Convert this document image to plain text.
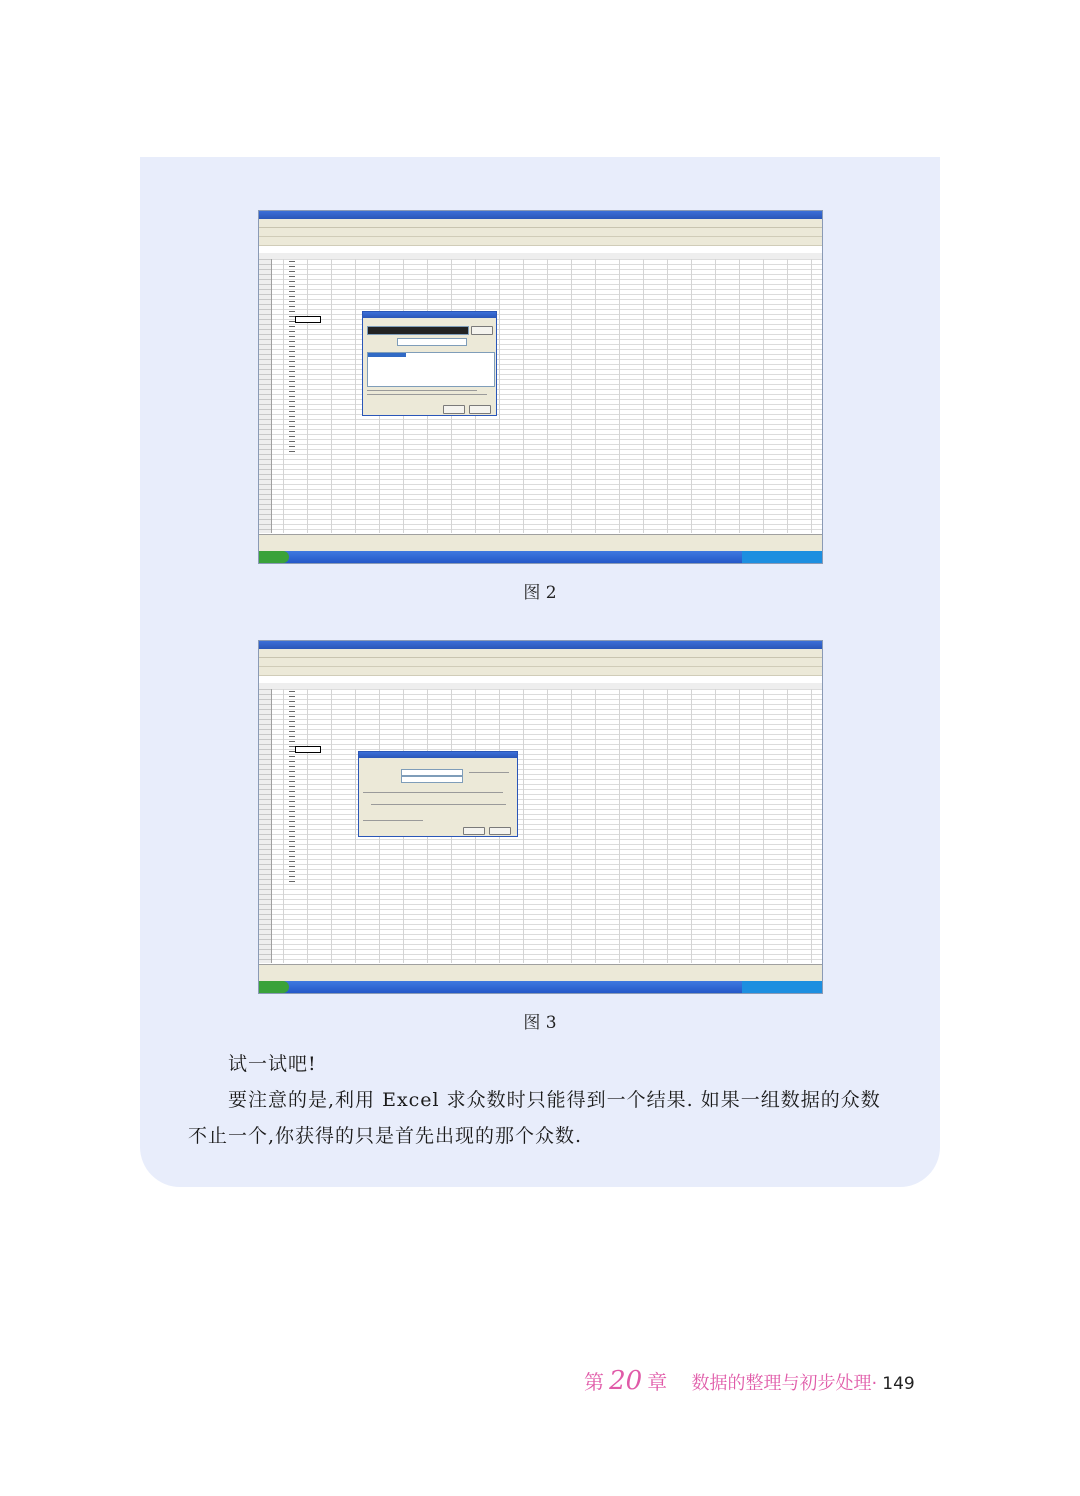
图 2
图 3
试一试吧!
要注意的是,利用 Excel 求众数时只能得到一个结果. 如果一组数据的众数
不止一个,你获得的只是首先出现的那个众数.
第 20 章 数据的整理与初步处理· 149
